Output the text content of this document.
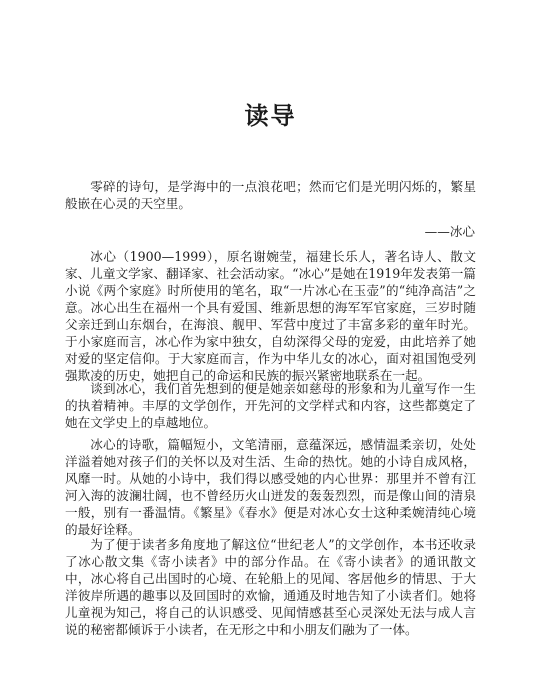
读导

零碎的诗句，是学海中的一点浪花吧；然而它们是光明闪烁的，繁星般嵌在心灵的天空里。

——冰心

冰心（1900—1999），原名谢婉莹，福建长乐人，著名诗人、散文家、儿童文学家、翻译家、社会活动家。“冰心”是她在1919年发表第一篇小说《两个家庭》时所使用的笔名，取“一片冰心在玉壶”的“纯净高洁”之意。冰心出生在福州一个具有爱国、维新思想的海军军官家庭，三岁时随父亲迁到山东烟台，在海浪、舰甲、军营中度过了丰富多彩的童年时光。于小家庭而言，冰心作为家中独女，自幼深得父母的宠爱，由此培养了她对爱的坚定信仰。于大家庭而言，作为中华儿女的冰心，面对祖国饱受列强欺凌的历史，她把自己的命运和民族的振兴紧密地联系在一起。

谈到冰心，我们首先想到的便是她亲如慈母的形象和为儿童写作一生的执着精神。丰厚的文学创作，开先河的文学样式和内容，这些都奠定了她在文学史上的卓越地位。

冰心的诗歌，篇幅短小，文笔清丽，意蕴深远，感情温柔亲切，处处洋溢着她对孩子们的关怀以及对生活、生命的热忱。她的小诗自成风格，风靡一时。从她的小诗中，我们得以感受她的内心世界：那里并不曾有江河入海的波澜壮阔，也不曾经历火山迸发的轰轰烈烈，而是像山间的清泉一般，别有一番温情。《繁星》《春水》便是对冰心女士这种柔婉清纯心境的最好诠释。

为了便于读者多角度地了解这位“世纪老人”的文学创作，本书还收录了冰心散文集《寄小读者》中的部分作品。在《寄小读者》的通讯散文中，冰心将自己出国时的心境、在轮船上的见闻、客居他乡的情思、于大洋彼岸所遇的趣事以及回国时的欢愉，通通及时地告知了小读者们。她将儿童视为知己，将自己的认识感受、见闻情感甚至心灵深处无法与成人言说的秘密都倾诉于小读者，在无形之中和小朋友们融为了一体。
